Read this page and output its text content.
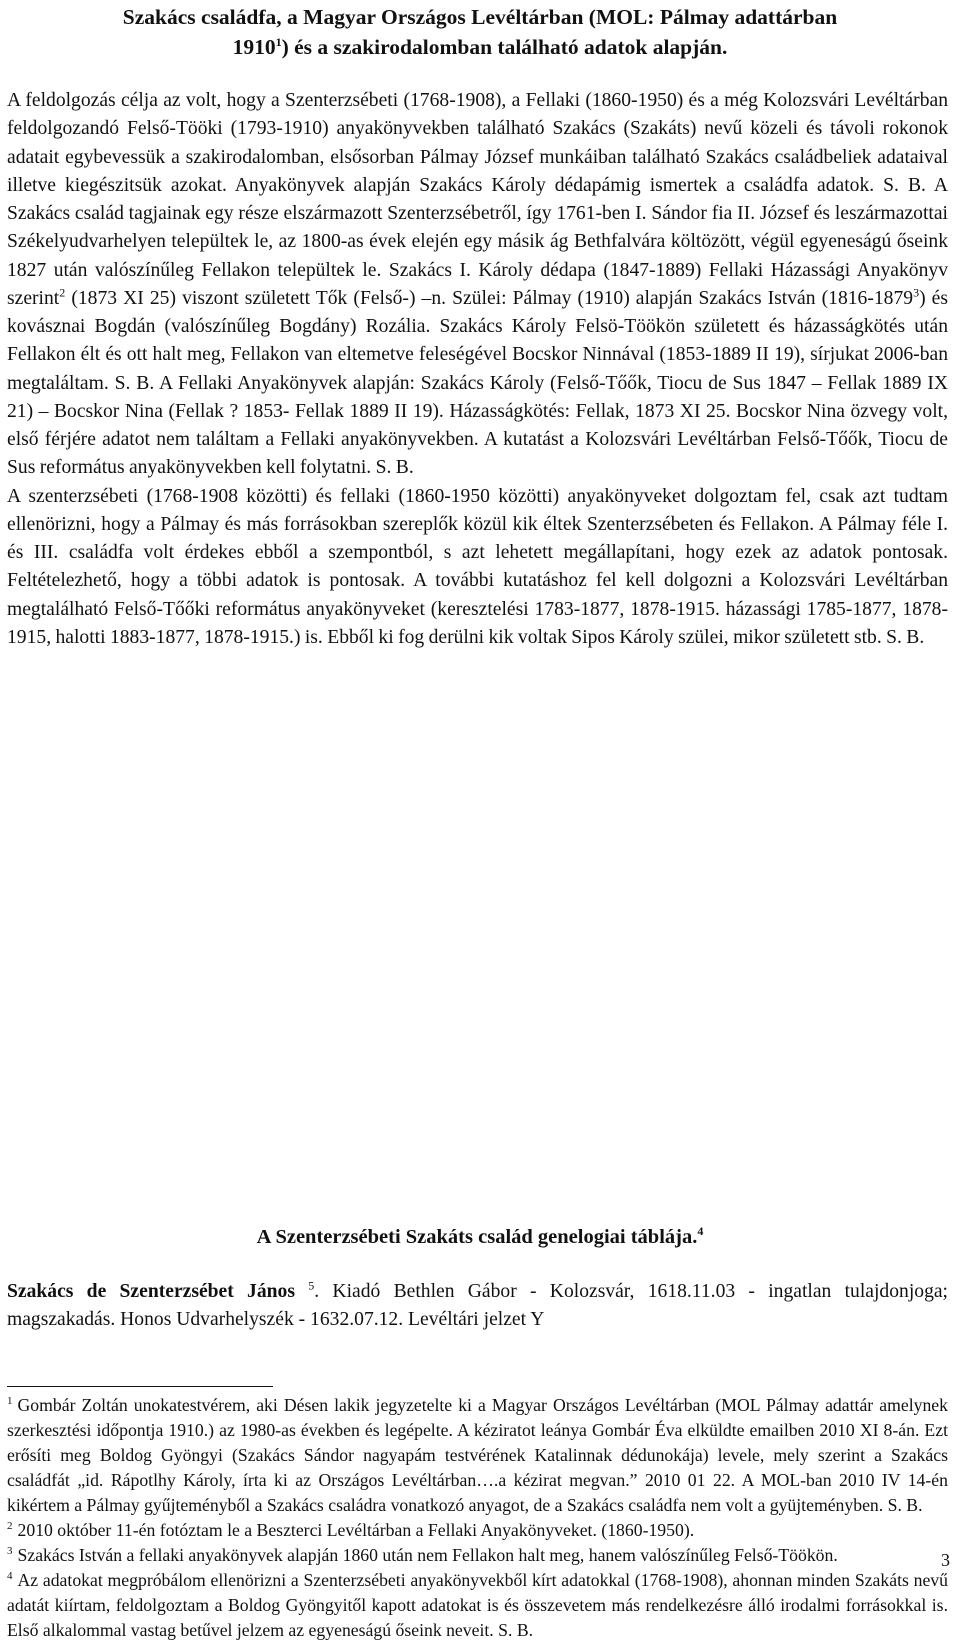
Szakács családfa, a Magyar Országos Levéltárban (MOL: Pálmay adattárban
1910$^1$) és a szakirodalomban található adatok alapján.

A feldolgozás célja az volt, hogy a Szenterzsébeti (1768-1908), a Fellaki (1860-1950) és a még Kolozsvári Levéltárban feldolgozandó Felső-Tööki (1793-1910) anyakönyvekben található Szakács (Szakáts) nevű közeli és távoli rokonok adatait egybevessük a szakirodalomban, elsősorban Pálmay József munkáiban található Szakács családbeliek adataival illetve kiegészitsük azokat. Anyakönyvek alapján Szakács Károly dédapámig ismertek a családfa adatok. S. B. A Szakács család tagjainak egy része elszármazott Szenterzsébetről, így 1761-ben I. Sándor fia II. József és leszármazottai Székelyudvarhelyen települtek le, az 1800-as évek elején egy másik ág Bethfalvára költözött, végül egyeneságú őseink 1827 után valószínűleg Fellakon települtek le. Szakács I. Károly dédapa (1847-1889) Fellaki Házassági Anyakönyv szerint$^2$ (1873 XI 25) viszont született Tők (Felső-) –n. Szülei: Pálmay (1910) alapján Szakács István (1816-1879$^3$) és kovásznai Bogdán (valószínűleg Bogdány) Rozália. Szakács Károly Felsö-Töökön született és házasságkötés után Fellakon élt és ott halt meg, Fellakon van eltemetve feleségével Bocskor Ninnával (1853-1889 II 19), sírjukat 2006-ban megtaláltam. S. B. A Fellaki Anyakönyvek alapján: Szakács Károly (Felső-Tőők, Tiocu de Sus 1847 – Fellak 1889 IX 21) – Bocskor Nina (Fellak ? 1853- Fellak 1889 II 19). Házasságkötés: Fellak, 1873 XI 25. Bocskor Nina özvegy volt, első férjére adatot nem találtam a Fellaki anyakönyvekben. A kutatást a Kolozsvári Levéltárban Felső-Tőők, Tiocu de Sus református anyakönyvekben kell folytatni. S. B.

A szenterzsébeti (1768-1908 közötti) és fellaki (1860-1950 közötti) anyakönyveket dolgoztam fel, csak azt tudtam ellenörizni, hogy a Pálmay és más forrásokban szereplők közül kik éltek Szenterzsébeten és Fellakon. A Pálmay féle I. és III. családfa volt érdekes ebből a szempontból, s azt lehetett megállapítani, hogy ezek az adatok pontosak. Feltételezhető, hogy a többi adatok is pontosak. A további kutatáshoz fel kell dolgozni a Kolozsvári Levéltárban megtalálható Felső-Tőőki református anyakönyveket (keresztelési 1783-1877, 1878-1915. házassági 1785-1877, 1878-1915, halotti 1883-1877, 1878-1915.) is. Ebből ki fog derülni kik voltak Sipos Károly szülei, mikor született stb. S. B.

A Szenterzsébeti Szakáts család genelogiai táblája.$^4$

Szakács de Szenterzsébet János $^5$. Kiadó Bethlen Gábor - Kolozsvár, 1618.11.03 - ingatlan tulajdonjoga; magszakadás. Honos Udvarhelyszék - 1632.07.12. Levéltári jelzet Y

$^1$ Gombár Zoltán unokatestvérem, aki Désen lakik jegyzetelte ki a Magyar Országos Levéltárban (MOL Pálmay adattár amelynek szerkesztési időpontja 1910.) az 1980-as években és legépelte. A kéziratot leánya Gombár Éva elküldte emailben 2010 XI 8-án. Ezt erősíti meg Boldog Gyöngyi (Szakács Sándor nagyapám testvérének Katalinnak dédunokája) levele, mely szerint a Szakács családfát „id. Rápotlhy Károly, írta ki az Országos Levéltárban….a kézirat megvan.” 2010 01 22. A MOL-ban 2010 IV 14-én kikértem a Pálmay gyűjteményből a Szakács családra vonatkozó anyagot, de a Szakács családfa nem volt a gyüjteményben. S. B.

$^2$ 2010 október 11-én fotóztam le a Beszterci Levéltárban a Fellaki Anyakönyveket. (1860-1950).

$^3$ Szakács István a fellaki anyakönyvek alapján 1860 után nem Fellakon halt meg, hanem valószínűleg Felső-Töökön.

$^4$ Az adatokat megpróbálom ellenörizni a Szenterzsébeti anyakönyvekből kírt adatokkal (1768-1908), ahonnan minden Szakáts nevű adatát kiírtam, feldolgoztam a Boldog Gyöngyitől kapott adatokat is és összevetem más rendelkezésre álló irodalmi forrásokkal is. Első alkalommal vastag betűvel jelzem az egyeneságú őseink neveit. S. B.

3
